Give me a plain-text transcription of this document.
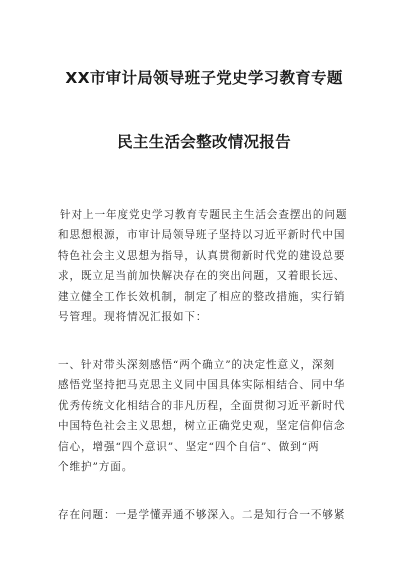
XX市审计局领导班子党史学习教育专题
民主生活会整改情况报告
针对上一年度党史学习教育专题民主生活会查摆出的问题
和思想根源，市审计局领导班子坚持以习近平新时代中国
特色社会主义思想为指导，认真贯彻新时代党的建设总要
求，既立足当前加快解决存在的突出问题，又着眼长远、
建立健全工作长效机制，制定了相应的整改措施，实行销
号管理。现将情况汇报如下：
一、针对带头深刻感悟“两个确立”的决定性意义，深刻
感悟党坚持把马克思主义同中国具体实际相结合、同中华
优秀传统文化相结合的非凡历程，全面贯彻习近平新时代
中国特色社会主义思想，树立正确党史观，坚定信仰信念
信心，增强“四个意识”、坚定“四个自信”、做到“两
个维护”方面。
存在问题：一是学懂弄通不够深入。二是知行合一不够紧
